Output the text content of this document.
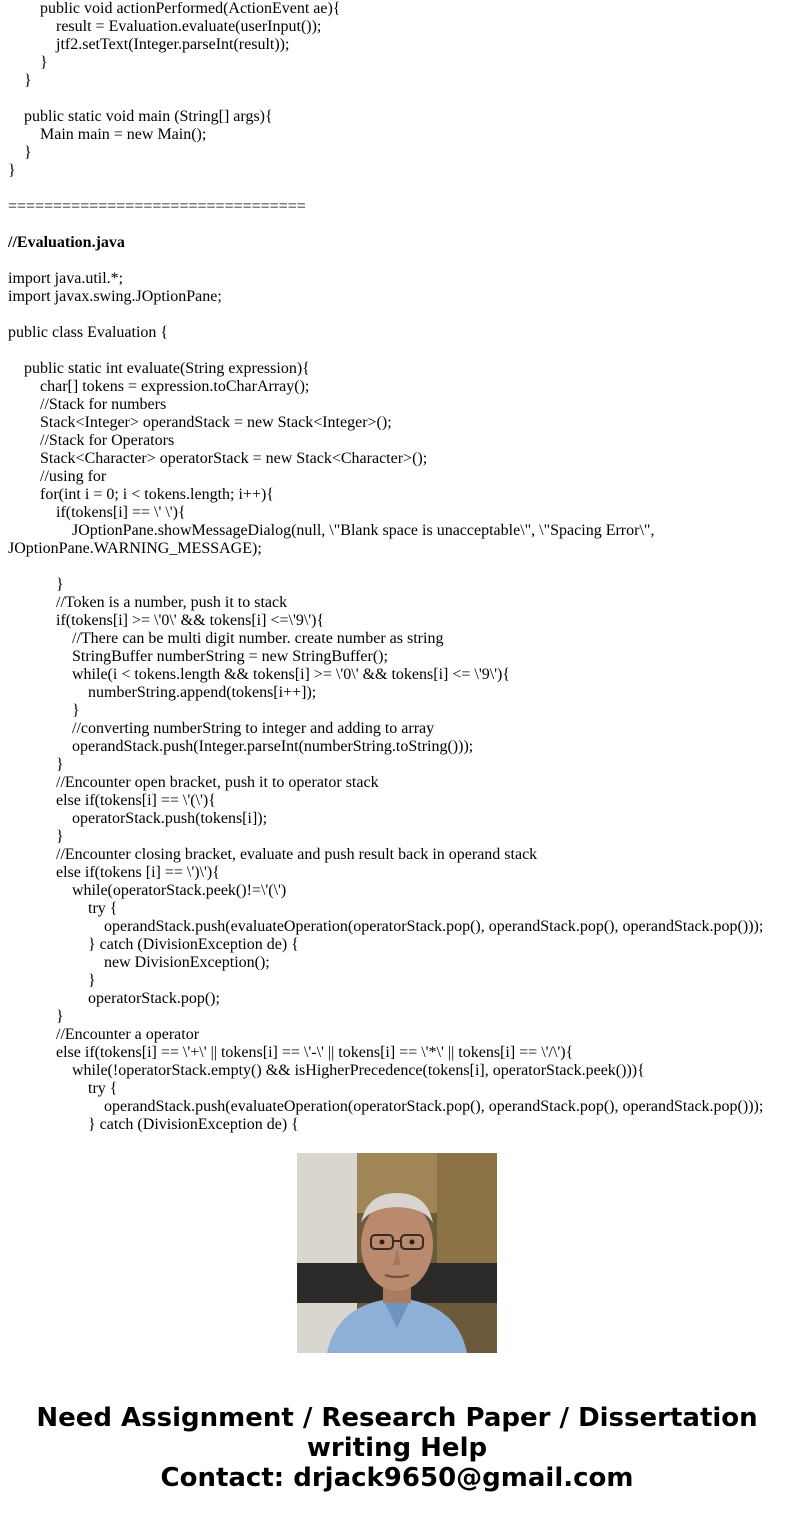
public void actionPerformed(ActionEvent ae){
result = Evaluation.evaluate(userInput());
jtf2.setText(Integer.parseInt(result));
}
}
public static void main (String[] args){
Main main = new Main();
}
}
=================================
//Evaluation.java
import java.util.*;
import javax.swing.JOptionPane;
public class Evaluation {
public static int evaluate(String expression){
char[] tokens = expression.toCharArray();
//Stack for numbers
Stack<Integer> operandStack = new Stack<Integer>();
//Stack for Operators
Stack<Character> operatorStack = new Stack<Character>();
//using for
for(int i = 0; i < tokens.length; i++){
if(tokens[i] == \' \'){
JOptionPane.showMessageDialog(null, \"Blank space is unacceptable\", \"Spacing Error\",
JOptionPane.WARNING_MESSAGE);
}
//Token is a number, push it to stack
if(tokens[i] >= \'0\' && tokens[i] <=\'9\'){
//There can be multi digit number. create number as string
StringBuffer numberString = new StringBuffer();
while(i < tokens.length && tokens[i] >= \'0\' && tokens[i] <= \'9\'){
numberString.append(tokens[i++]);
}
//converting numberString to integer and adding to array
operandStack.push(Integer.parseInt(numberString.toString()));
}
//Encounter open bracket, push it to operator stack
else if(tokens[i] == \'(\'){
operatorStack.push(tokens[i]);
}
//Encounter closing bracket, evaluate and push result back in operand stack
else if(tokens [i] == \')\'){
while(operatorStack.peek()!=\'(\')
try {
operandStack.push(evaluateOperation(operatorStack.pop(), operandStack.pop(), operandStack.pop()));
} catch (DivisionException de) {
new DivisionException();
}
operatorStack.pop();
}
//Encounter a operator
else if(tokens[i] == \'+\' || tokens[i] == \'-\' || tokens[i] == \'*\' || tokens[i] == \'/\'){
while(!operatorStack.empty() && isHigherPrecedence(tokens[i], operatorStack.peek())){
try {
operandStack.push(evaluateOperation(operatorStack.pop(), operandStack.pop(), operandStack.pop()));
} catch (DivisionException de) {
Need Assignment / Research Paper / Dissertation
writing Help
Contact: drjack9650@gmail.com
